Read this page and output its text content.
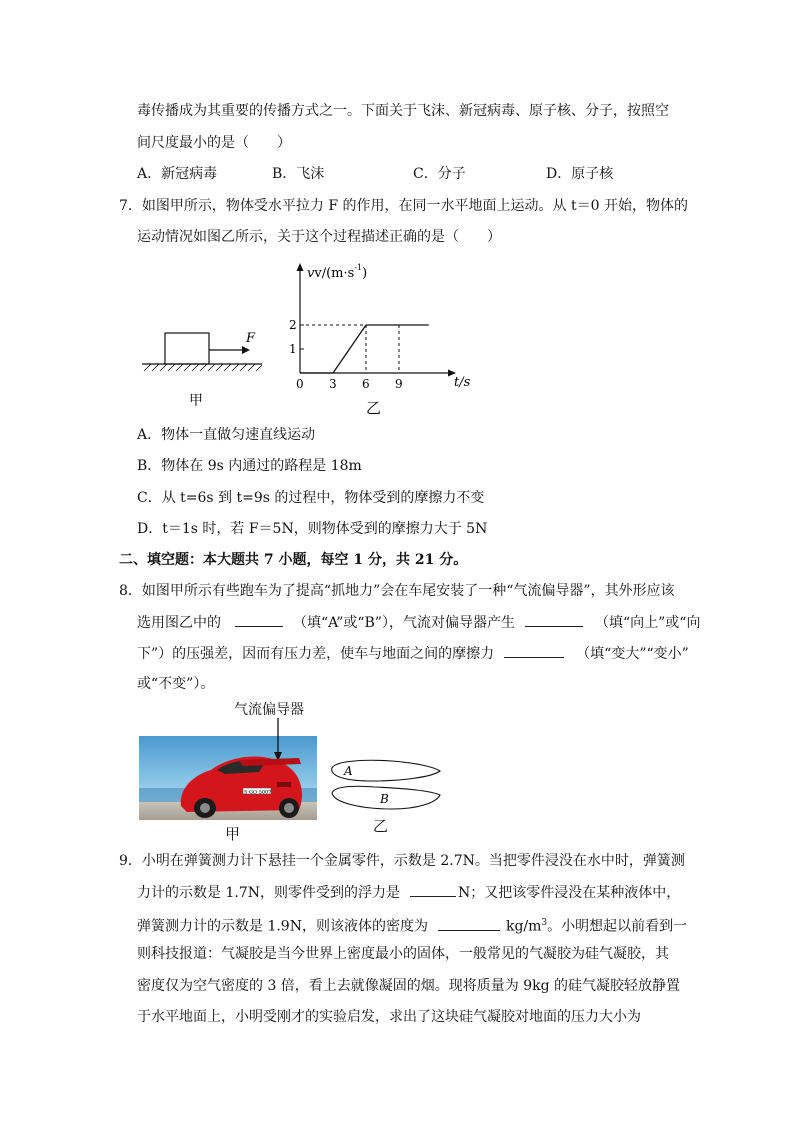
毒传播成为其重要的传播方式之一。下面关于飞沫、新冠病毒、原子核、分子，按照空
间尺度最小的是（　　）
A．新冠病毒	B．飞沫	C．分子	D．原子核
7．如图甲所示，物体受水平拉力 F 的作用，在同一水平地面上运动。从 t＝0 开始，物体的
运动情况如图乙所示，关于这个过程描述正确的是（　　）
F
甲
$vv/(m\cdot s^{-1})$
t/s
0 3 6 9
1
2
乙
A．物体一直做匀速直线运动
B．物体在 9s 内通过的路程是 18m
C．从 t=6s 到 t=9s 的过程中，物体受到的摩擦力不变
D．t＝1s 时，若 F＝5N，则物体受到的摩擦力大于 5N
二、填空题：本大题共 7 小题，每空 1 分，共 21 分。
8．如图甲所示有些跑车为了提高“抓地力”会在车尾安装了一种“气流偏导器”，其外形应该
选用图乙中的	（填“A”或“B”），气流对偏导器产生	（填“向上”或“向
下”）的压强差，因而有压力差，使车与地面之间的摩擦力	（填“变大”“变小”
或“不变”）。
气流偏导器
S·GO 5007
甲
A
B
乙
9．小明在弹簧测力计下悬挂一个金属零件，示数是 2.7N。当把零件浸没在水中时，弹簧测
力计的示数是 1.7N，则零件受到的浮力是	N；又把该零件浸没在某种液体中，
弹簧测力计的示数是 1.9N，则该液体的密度为	$kg/m^3$。小明想起以前看到一
则科技报道：气凝胶是当今世界上密度最小的固体，一般常见的气凝胶为硅气凝胶，其
密度仅为空气密度的 3 倍，看上去就像凝固的烟。现将质量为 9kg 的硅气凝胶轻放静置
于水平地面上，小明受刚才的实验启发，求出了这块硅气凝胶对地面的压力大小为
